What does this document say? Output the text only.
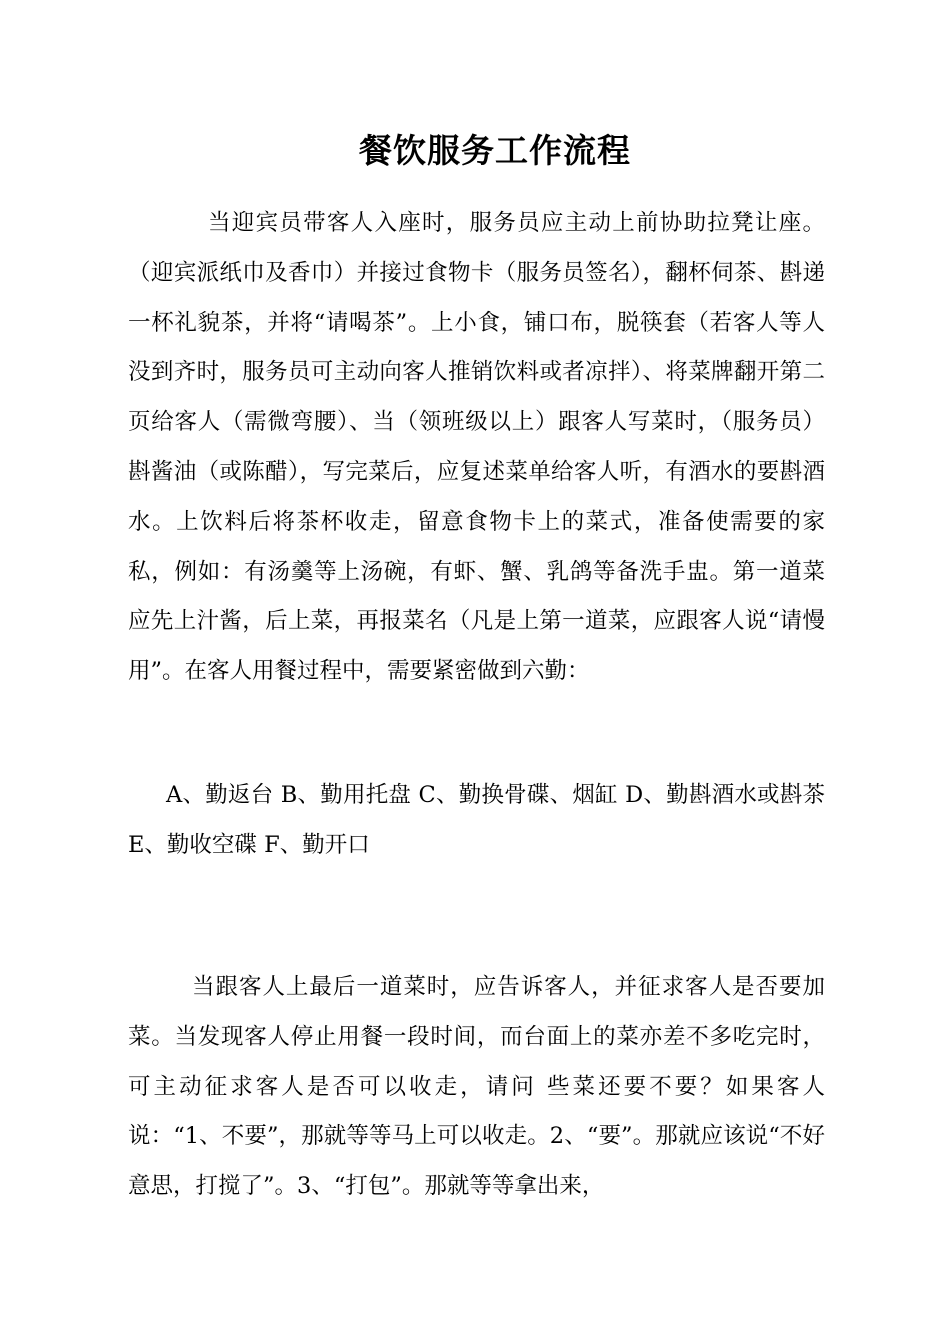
餐饮服务工作流程

当迎宾员带客人入座时，服务员应主动上前协助拉凳让座。（迎宾派纸巾及香巾）并接过食物卡（服务员签名），翻杯伺茶、斟递一杯礼貌茶，并将“请喝茶”。上小食，铺口布，脱筷套（若客人等人没到齐时，服务员可主动向客人推销饮料或者凉拌）、将菜牌翻开第二页给客人（需微弯腰）、当（领班级以上）跟客人写菜时，（服务员）斟酱油（或陈醋），写完菜后，应复述菜单给客人听，有酒水的要斟酒水。上饮料后将茶杯收走，留意食物卡上的菜式，准备使需要的家私，例如：有汤羹等上汤碗，有虾、蟹、乳鸽等备洗手盅。第一道菜应先上汁酱，后上菜，再报菜名（凡是上第一道菜，应跟客人说“请慢用”。在客人用餐过程中，需要紧密做到六勤：

A、勤返台 B、勤用托盘 C、勤换骨碟、烟缸 D、勤斟酒水或斟茶 E、勤收空碟 F、勤开口

当跟客人上最后一道菜时，应告诉客人，并征求客人是否要加菜。当发现客人停止用餐一段时间，而台面上的菜亦差不多吃完时，可主动征求客人是否可以收走，请问 些菜还要不要？如果客人说：“1、不要”，那就等等马上可以收走。2、“要”。那就应该说“不好意思，打搅了”。3、“打包”。那就等等拿出来，
